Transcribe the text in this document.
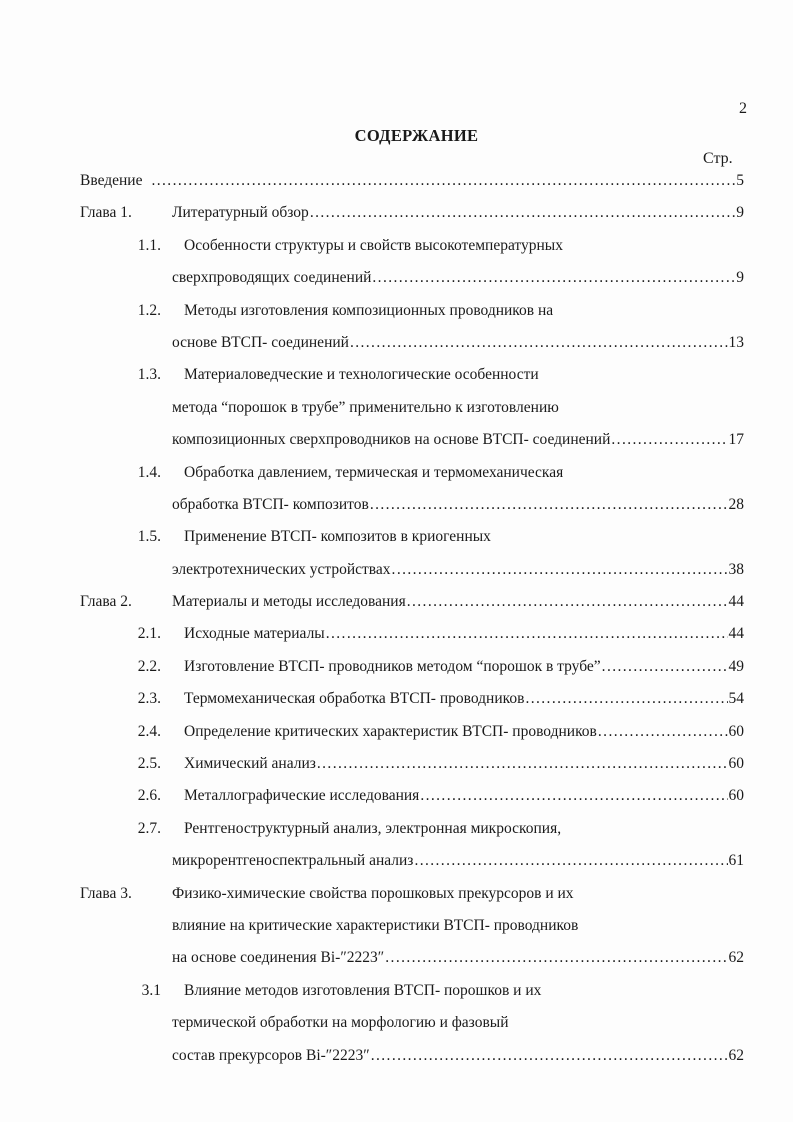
2
СОДЕРЖАНИЕ
Стр.
Введение .....	5
Глава 1.	Литературный обзор .....	9
1.1. Особенности структуры и свойств высокотемпературных
сверхпроводящих соединений .....	9
1.2. Методы изготовления композиционных проводников на
основе ВТСП- соединений .....	13
1.3. Материаловедческие и технологические особенности
метода “порошок в трубе” применительно к изготовлению
композиционных сверхпроводников на основе ВТСП- соединений .....	17
1.4. Обработка давлением, термическая и термомеханическая
обработка ВТСП- композитов .....	28
1.5. Применение ВТСП- композитов в криогенных
электротехнических устройствах .....	38
Глава 2.	Материалы и методы исследования .....	44
2.1. Исходные материалы .....	44
2.2. Изготовление ВТСП- проводников методом “порошок в трубе” .....	49
2.3. Термомеханическая обработка ВТСП- проводников .....	54
2.4. Определение критических характеристик ВТСП- проводников .....	60
2.5. Химический анализ .....	60
2.6. Металлографические исследования .....	60
2.7. Рентгеноструктурный анализ, электронная микроскопия,
микрорентгеноспектральный анализ .....	61
Глава 3.	Физико-химические свойства порошковых прекурсоров и их
влияние на критические характеристики ВТСП- проводников
на основе соединения Bi-″2223″ .....	62
3.1 Влияние методов изготовления ВТСП- порошков и их
термической обработки на морфологию и фазовый
состав прекурсоров Bi-″2223″ .....	62
